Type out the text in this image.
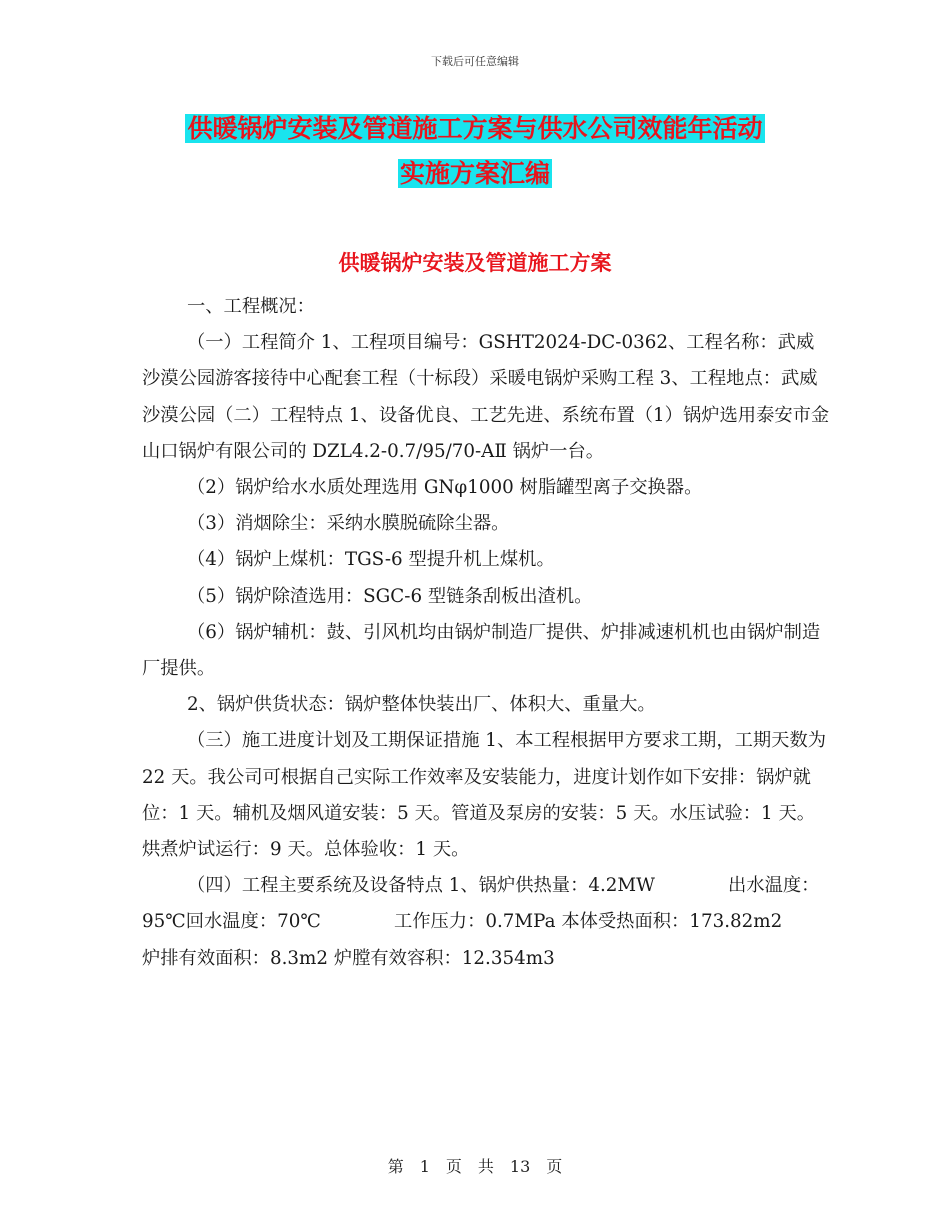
下载后可任意编辑
供暖锅炉安装及管道施工方案与供水公司效能年活动
实施方案汇编
供暖锅炉安装及管道施工方案

一、工程概况：

（一）工程简介 1、工程项目编号：GSHT2024-DC-0362、工程名称：武威沙漠公园游客接待中心配套工程（十标段）采暖电锅炉采购工程 3、工程地点：武威沙漠公园（二）工程特点 1、设备优良、工艺先进、系统布置（1）锅炉选用泰安市金山口锅炉有限公司的 DZL4.2-0.7/95/70-AⅡ 锅炉一台。

（2）锅炉给水水质处理选用 GNφ1000 树脂罐型离子交换器。

（3）消烟除尘：采纳水膜脱硫除尘器。

（4）锅炉上煤机：TGS-6 型提升机上煤机。

（5）锅炉除渣选用：SGC-6 型链条刮板出渣机。

（6）锅炉辅机：鼓、引风机均由锅炉制造厂提供、炉排减速机机也由锅炉制造厂提供。

2、锅炉供货状态：锅炉整体快装出厂、体积大、重量大。

（三）施工进度计划及工期保证措施 1、本工程根据甲方要求工期，工期天数为 22 天。我公司可根据自己实际工作效率及安装能力，进度计划作如下安排：锅炉就位：1 天。辅机及烟风道安装：5 天。管道及泵房的安装：5 天。水压试验：1 天。 烘煮炉试运行：9 天。总体验收：1 天。

（四）工程主要系统及设备特点 1、锅炉供热量：4.2MW　　　　出水温度：95℃回水温度：70℃　　　　工作压力：0.7MPa 本体受热面积：173.82m2　　炉排有效面积：8.3m2 炉膛有效容积：12.354m3

第　1　页　共　13　页
